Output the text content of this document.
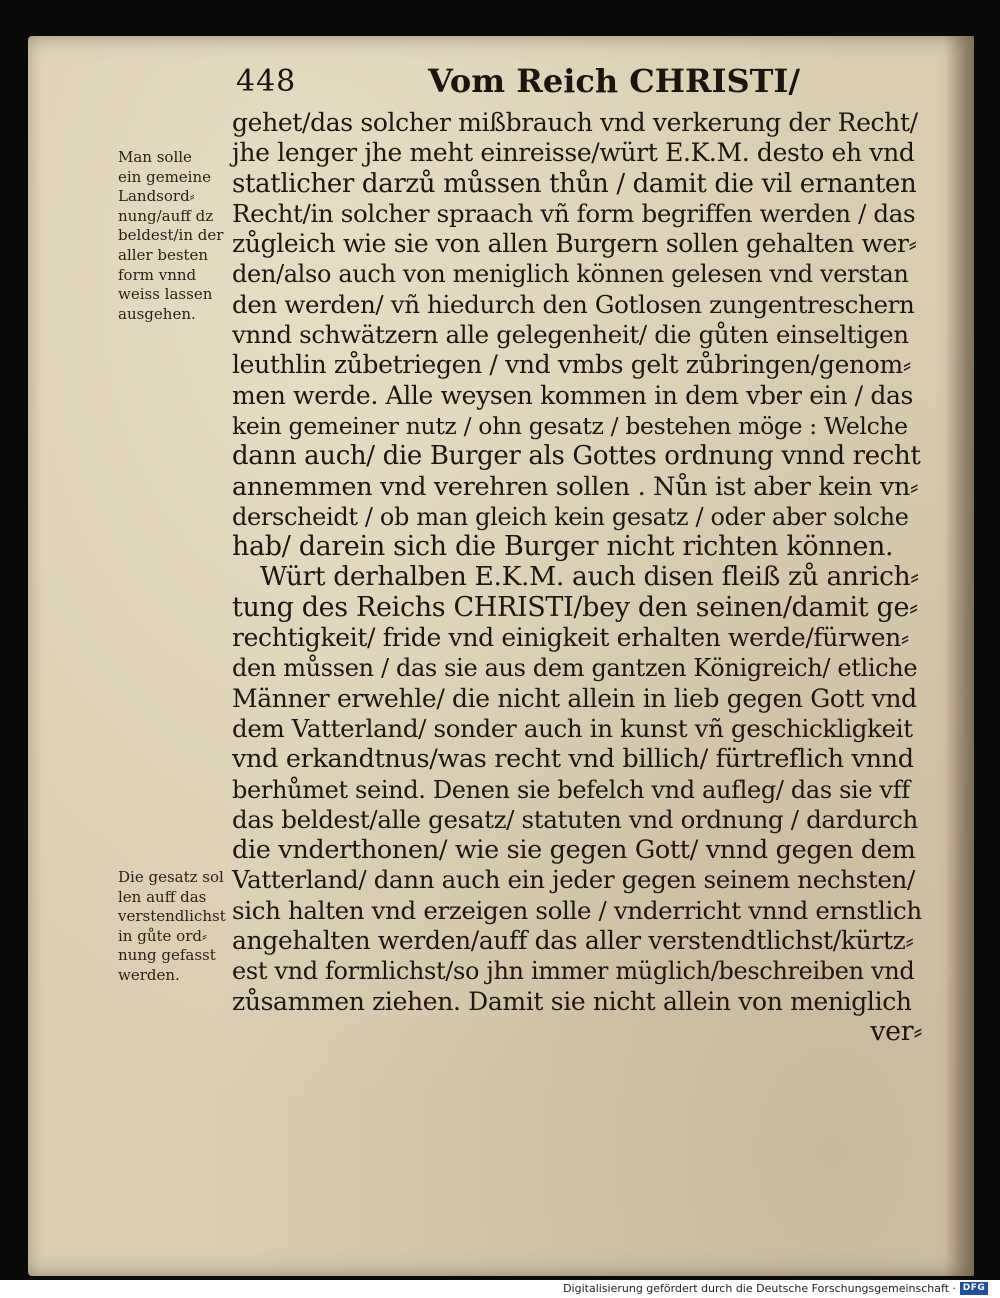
448	Vom Reich CHRISTI/
Man solle
ein gemeine
Landsord⸗
nung/auff dz
beldest/in der
aller besten
form vnnd
weiss lassen
ausgehen.
Die gesatz sol
len auff das
verstendlichst
in gůte ord⸗
nung gefasst
werden.
gehet/das solcher mißbrauch vnd verkerung der Recht/
jhe lenger jhe meht einreisse/würt E.K.M. desto eh vnd
statlicher darzů můssen thůn / damit die vil ernanten
Recht/in solcher spraach vñ form begriffen werden / das
zůgleich wie sie von allen Burgern sollen gehalten wer⸗
den/also auch von meniglich können gelesen vnd verstan
den werden/ vñ hiedurch den Gotlosen zungentreschern
vnnd schwätzern alle gelegenheit/ die gůten einseltigen
leuthlin zůbetriegen / vnd vmbs gelt zůbringen/genom⸗
men werde. Alle weysen kommen in dem vber ein / das
kein gemeiner nutz / ohn gesatz / bestehen möge : Welche
dann auch/ die Burger als Gottes ordnung vnnd recht
annemmen vnd verehren sollen . Nůn ist aber kein vn⸗
derscheidt / ob man gleich kein gesatz / oder aber solche
hab/ darein sich die Burger nicht richten können.
Würt derhalben E.K.M. auch disen fleiß zů anrich⸗
tung des Reichs CHRISTI/bey den seinen/damit ge⸗
rechtigkeit/ fride vnd einigkeit erhalten werde/fürwen⸗
den můssen / das sie aus dem gantzen Königreich/ etliche
Männer erwehle/ die nicht allein in lieb gegen Gott vnd
dem Vatterland/ sonder auch in kunst vñ geschickligkeit
vnd erkandtnus/was recht vnd billich/ fürtreflich vnnd
berhůmet seind. Denen sie befelch vnd aufleg/ das sie vff
das beldest/alle gesatz/ statuten vnd ordnung / dardurch
die vnderthonen/ wie sie gegen Gott/ vnnd gegen dem
Vatterland/ dann auch ein jeder gegen seinem nechsten/
sich halten vnd erzeigen solle / vnderricht vnnd ernstlich
angehalten werden/auff das aller verstendtlichst/kürtz⸗
est vnd formlichst/so jhn immer müglich/beschreiben vnd
zůsammen ziehen. Damit sie nicht allein von meniglich
ver⸗
Digitalisierung gefördert durch die Deutsche Forschungsgemeinschaft · DFG
